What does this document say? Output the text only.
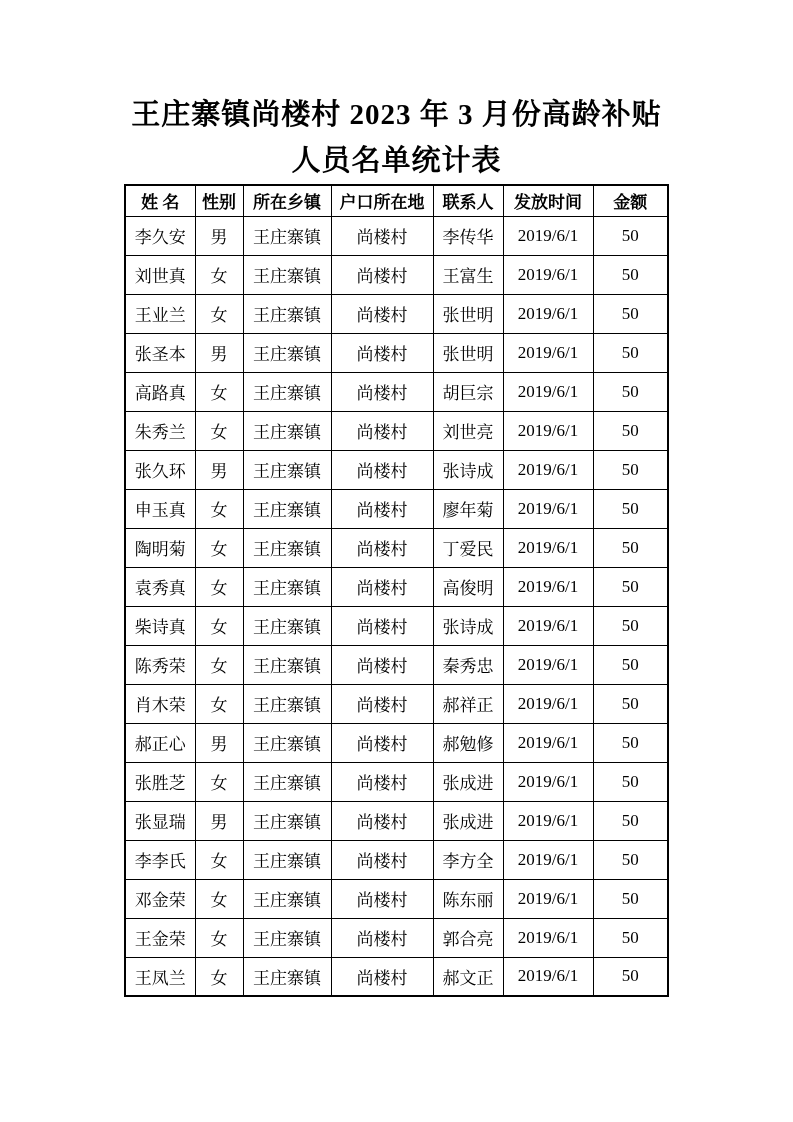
王庄寨镇尚楼村 2023 年 3 月份高龄补贴
人员名单统计表
姓 名	性别	所在乡镇	户口所在地	联系人	发放时间	金额
李久安	男	王庄寨镇	尚楼村	李传华	2019/6/1	50
刘世真	女	王庄寨镇	尚楼村	王富生	2019/6/1	50
王业兰	女	王庄寨镇	尚楼村	张世明	2019/6/1	50
张圣本	男	王庄寨镇	尚楼村	张世明	2019/6/1	50
高路真	女	王庄寨镇	尚楼村	胡巨宗	2019/6/1	50
朱秀兰	女	王庄寨镇	尚楼村	刘世亮	2019/6/1	50
张久环	男	王庄寨镇	尚楼村	张诗成	2019/6/1	50
申玉真	女	王庄寨镇	尚楼村	廖年菊	2019/6/1	50
陶明菊	女	王庄寨镇	尚楼村	丁爱民	2019/6/1	50
袁秀真	女	王庄寨镇	尚楼村	高俊明	2019/6/1	50
柴诗真	女	王庄寨镇	尚楼村	张诗成	2019/6/1	50
陈秀荣	女	王庄寨镇	尚楼村	秦秀忠	2019/6/1	50
肖木荣	女	王庄寨镇	尚楼村	郝祥正	2019/6/1	50
郝正心	男	王庄寨镇	尚楼村	郝勉修	2019/6/1	50
张胜芝	女	王庄寨镇	尚楼村	张成进	2019/6/1	50
张显瑞	男	王庄寨镇	尚楼村	张成进	2019/6/1	50
李李氏	女	王庄寨镇	尚楼村	李方全	2019/6/1	50
邓金荣	女	王庄寨镇	尚楼村	陈东丽	2019/6/1	50
王金荣	女	王庄寨镇	尚楼村	郭合亮	2019/6/1	50
王凤兰	女	王庄寨镇	尚楼村	郝文正	2019/6/1	50
